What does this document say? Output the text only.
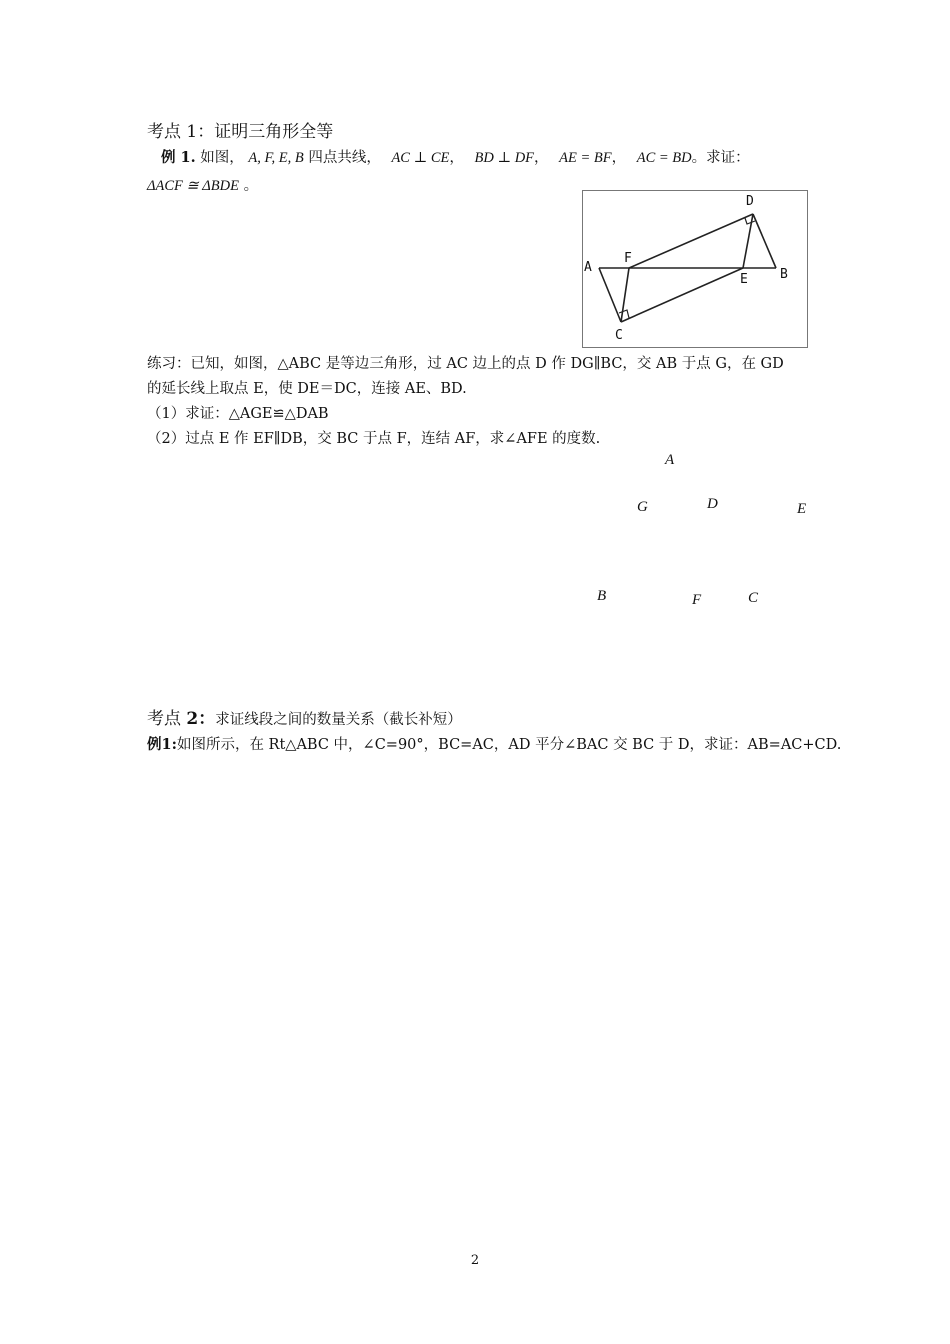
考点 1：证明三角形全等
例 1. 如图， A, F, E, B 四点共线， AC ⊥ CE， BD ⊥ DF， AE = BF， AC = BD。求证：
ΔACF ≅ ΔBDE 。
A
F
E B
D
C
练习：已知，如图，△ABC 是等边三角形，过 AC 边上的点 D 作 DG∥BC，交 AB 于点 G，在 GD
的延长线上取点 E，使 DE＝DC，连接 AE、BD.
（1）求证：△AGE≌△DAB
（2）过点 E 作 EF∥DB，交 BC 于点 F，连结 AF，求∠AFE 的度数.
A
G	D	E
B	F	C
考点 2：求证线段之间的数量关系（截长补短）
例1:如图所示，在 Rt△ABC 中，∠C=90°，BC=AC，AD 平分∠BAC 交 BC 于 D，求证：AB=AC+CD.
2
